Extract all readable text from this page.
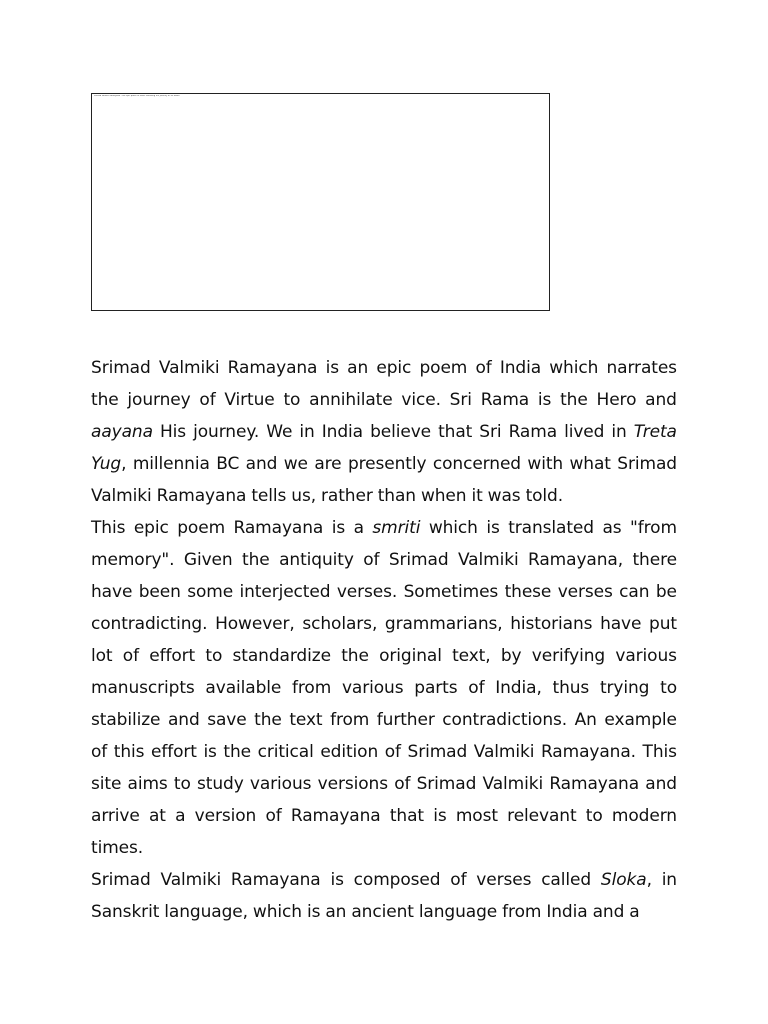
Srimad Valmiki Ramayana - the epic poem of India, narrating the journey of Sri Rama
Srimad Valmiki Ramayana is an epic poem of India which narrates
the journey of Virtue to annihilate vice. Sri Rama is the Hero and
aayana His journey. We in India believe that Sri Rama lived in Treta
Yug, millennia BC and we are presently concerned with what Srimad
Valmiki Ramayana tells us, rather than when it was told.
This epic poem Ramayana is a smriti which is translated as "from
memory". Given the antiquity of Srimad Valmiki Ramayana, there
have been some interjected verses. Sometimes these verses can be
contradicting. However, scholars, grammarians, historians have put
lot of effort to standardize the original text, by verifying various
manuscripts available from various parts of India, thus trying to
stabilize and save the text from further contradictions. An example
of this effort is the critical edition of Srimad Valmiki Ramayana. This
site aims to study various versions of Srimad Valmiki Ramayana and
arrive at a version of Ramayana that is most relevant to modern
times.
Srimad Valmiki Ramayana is composed of verses called Sloka, in
Sanskrit language, which is an ancient language from India and a
